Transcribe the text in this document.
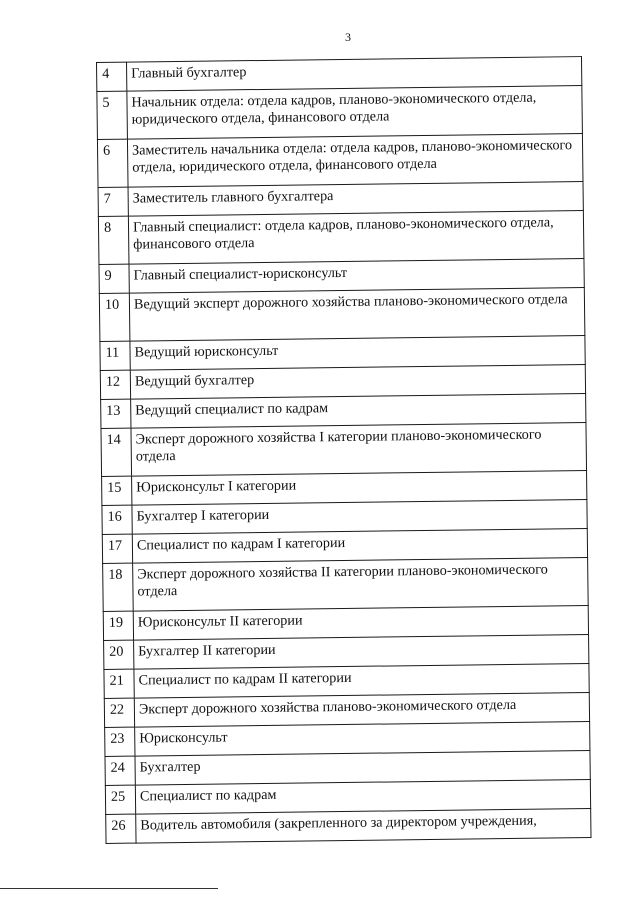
3
4	Главный бухгалтер
5	Начальник отдела: отдела кадров, планово-экономического отдела, юридического отдела, финансового отдела
6	Заместитель начальника отдела: отдела кадров, планово-экономического отдела, юридического отдела, финансового отдела
7	Заместитель главного бухгалтера
8	Главный специалист: отдела кадров, планово-экономического отдела, финансового отдела
9	Главный специалист-юрисконсульт
10	Ведущий эксперт дорожного хозяйства планово-экономического отдела
11	Ведущий юрисконсульт
12	Ведущий бухгалтер
13	Ведущий специалист по кадрам
14	Эксперт дорожного хозяйства I категории планово-экономического отдела
15	Юрисконсульт I категории
16	Бухгалтер I категории
17	Специалист по кадрам I категории
18	Эксперт дорожного хозяйства II категории планово-экономического отдела
19	Юрисконсульт II категории
20	Бухгалтер II категории
21	Специалист по кадрам II категории
22	Эксперт дорожного хозяйства планово-экономического отдела
23	Юрисконсульт
24	Бухгалтер
25	Специалист по кадрам
26	Водитель автомобиля (закрепленного за директором учреждения,
